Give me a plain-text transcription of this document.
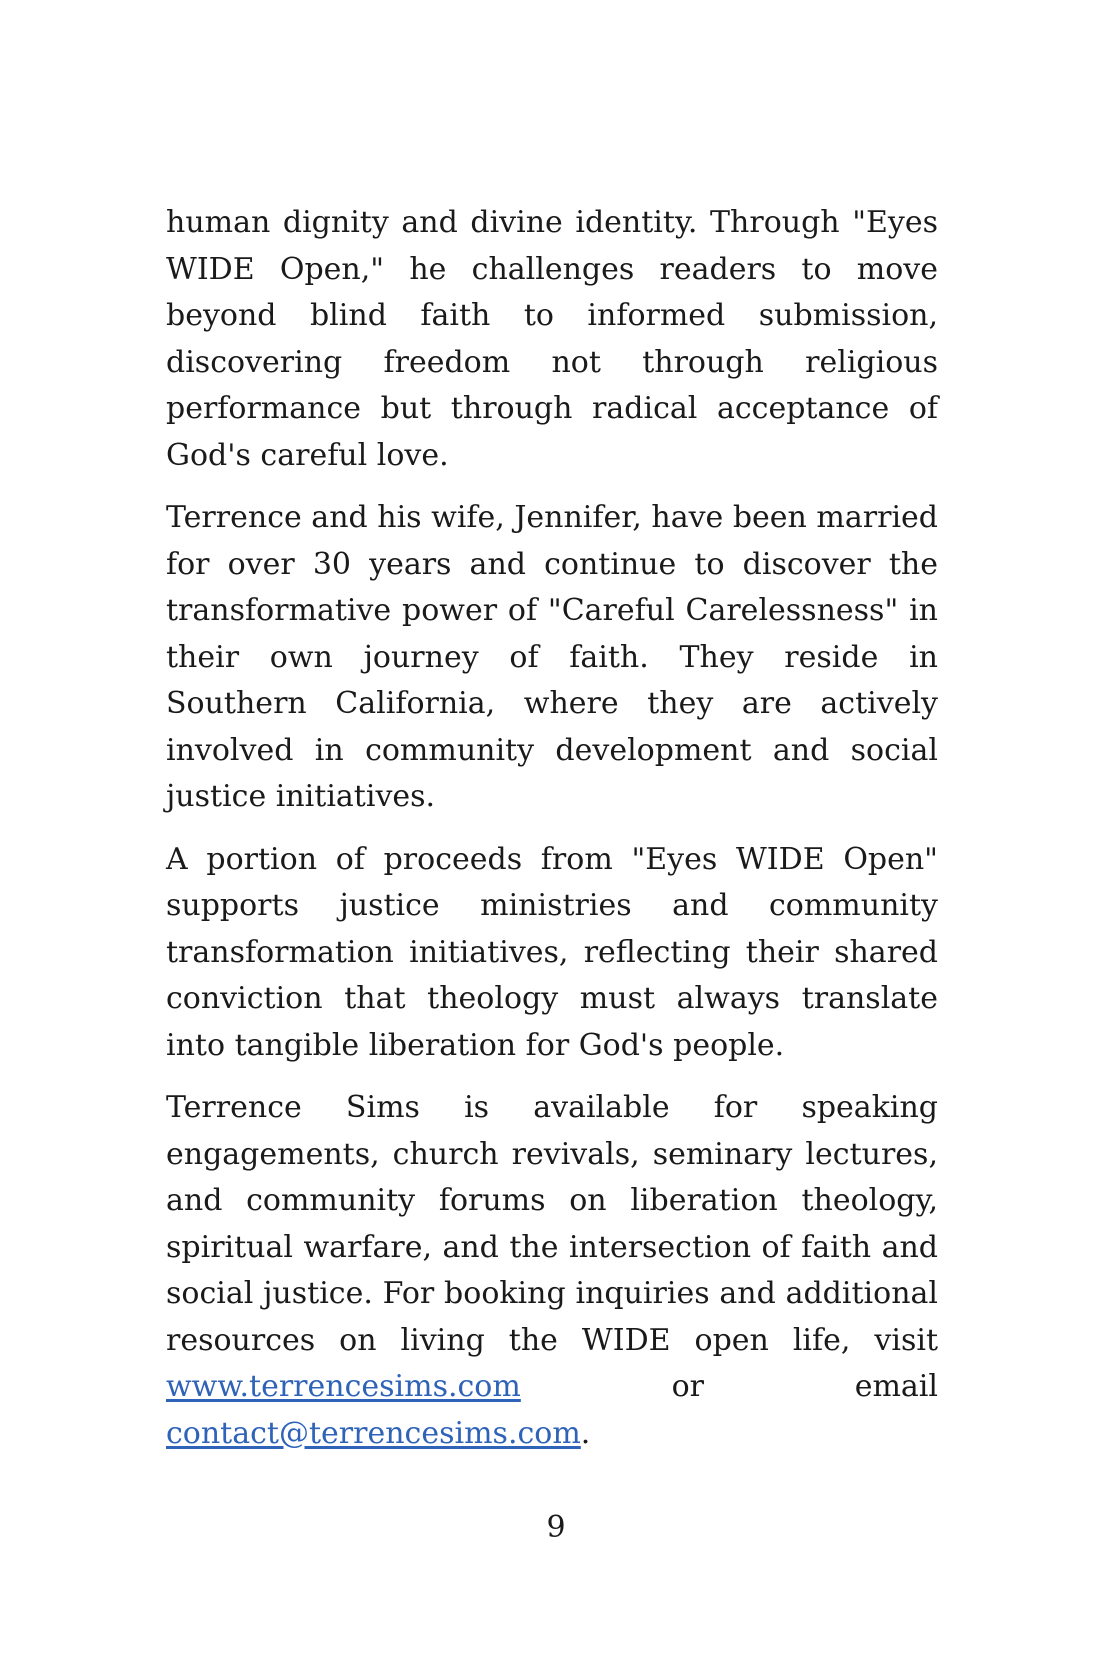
human dignity and divine identity. Through "Eyes WIDE Open," he challenges readers to move beyond blind faith to informed submission, discovering freedom not through religious performance but through radical acceptance of God's careful love.

Terrence and his wife, Jennifer, have been married for over 30 years and continue to discover the transformative power of "Careful Carelessness" in their own journey of faith. They reside in Southern California, where they are actively involved in community development and social justice initiatives.

A portion of proceeds from "Eyes WIDE Open" supports justice ministries and community transformation initiatives, reflecting their shared conviction that theology must always translate into tangible liberation for God's people.

Terrence Sims is available for speaking engagements, church revivals, seminary lectures, and community forums on liberation theology, spiritual warfare, and the intersection of faith and social justice. For booking inquiries and additional resources on living the WIDE open life, visit www.terrencesims.com or email contact@terrencesims.com.

9
